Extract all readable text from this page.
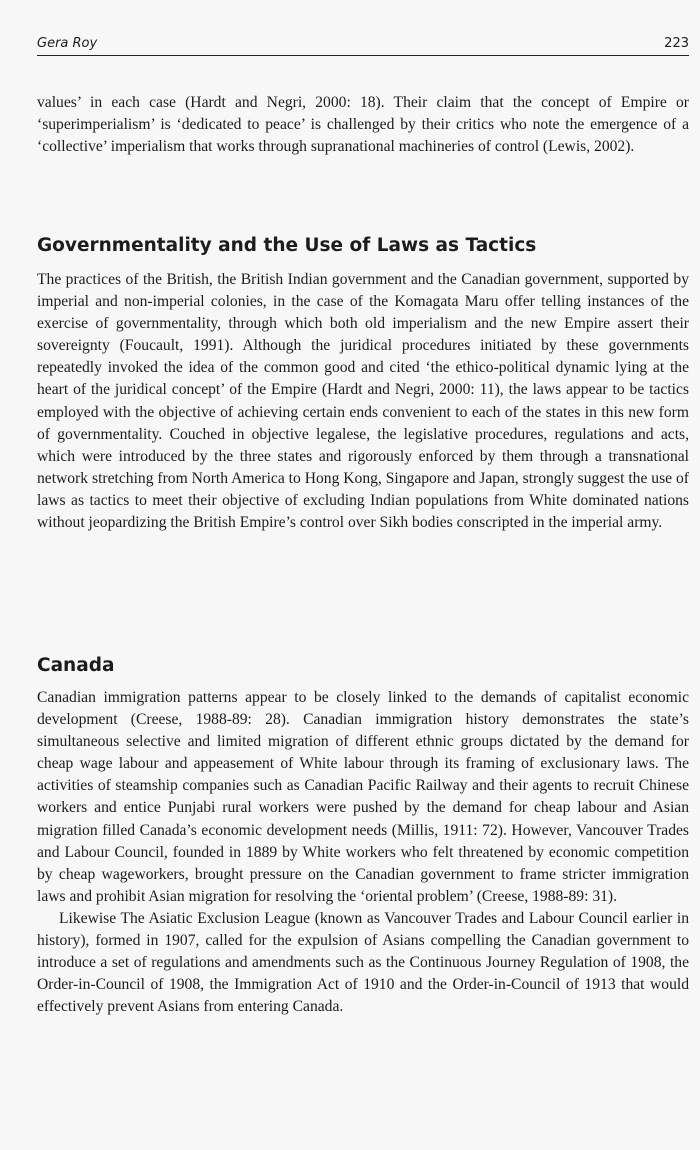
Gera Roy	223

values’ in each case (Hardt and Negri, 2000: 18). Their claim that the concept of Empire or ‘superimperialism’ is ‘dedicated to peace’ is challenged by their critics who note the emergence of a ‘collective’ imperialism that works through supranational machineries of control (Lewis, 2002).

Governmentality and the Use of Laws as Tactics

The practices of the British, the British Indian government and the Canadian government, supported by imperial and non-imperial colonies, in the case of the Komagata Maru offer telling instances of the exercise of governmentality, through which both old imperialism and the new Empire assert their sovereignty (Foucault, 1991). Although the juridical procedures initiated by these governments repeatedly invoked the idea of the common good and cited ‘the ethico-political dynamic lying at the heart of the juridical concept’ of the Empire (Hardt and Negri, 2000: 11), the laws appear to be tactics employed with the objective of achieving certain ends convenient to each of the states in this new form of governmentality. Couched in objective legalese, the legislative procedures, regulations and acts, which were introduced by the three states and rigorously enforced by them through a transnational network stretching from North America to Hong Kong, Singapore and Japan, strongly suggest the use of laws as tactics to meet their objective of excluding Indian populations from White dominated nations without jeopardizing the British Empire’s control over Sikh bodies conscripted in the imperial army.

Canada

Canadian immigration patterns appear to be closely linked to the demands of capitalist economic development (Creese, 1988-89: 28). Canadian immigration history demonstrates the state’s simultaneous selective and limited migration of different ethnic groups dictated by the demand for cheap wage labour and appeasement of White labour through its framing of exclusionary laws. The activities of steamship companies such as Canadian Pacific Railway and their agents to recruit Chinese workers and entice Punjabi rural workers were pushed by the demand for cheap labour and Asian migration filled Canada’s economic development needs (Millis, 1911: 72). However, Vancouver Trades and Labour Council, founded in 1889 by White workers who felt threatened by economic competition by cheap wageworkers, brought pressure on the Canadian government to frame stricter immigration laws and prohibit Asian migration for resolving the ‘oriental problem’ (Creese, 1988-89: 31).

Likewise The Asiatic Exclusion League (known as Vancouver Trades and Labour Council earlier in history), formed in 1907, called for the expulsion of Asians compelling the Canadian government to introduce a set of regulations and amendments such as the Continuous Journey Regulation of 1908, the Order-in-Council of 1908, the Immigration Act of 1910 and the Order-in-Council of 1913 that would effectively prevent Asians from entering Canada.
